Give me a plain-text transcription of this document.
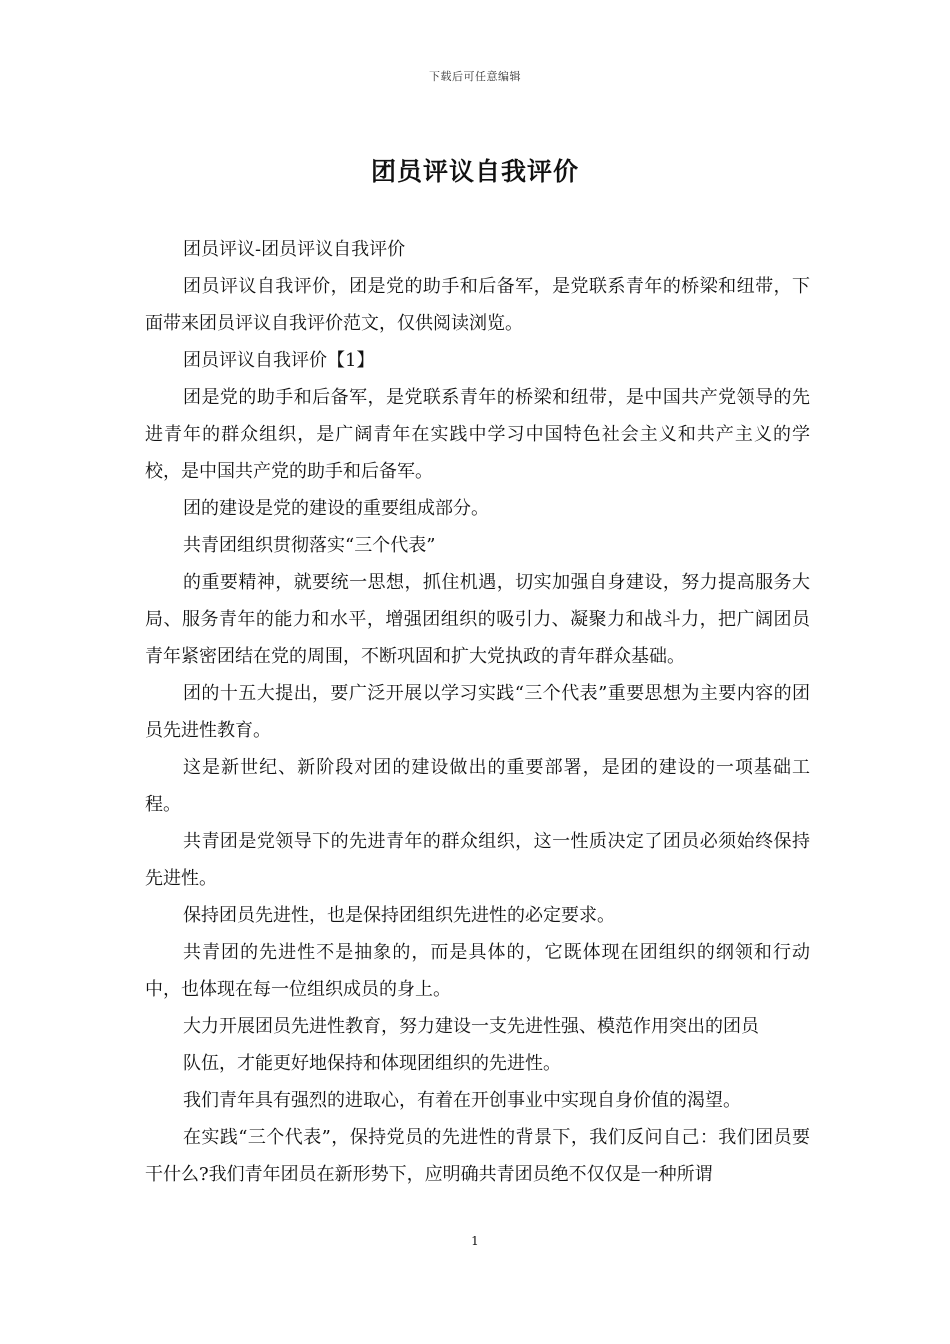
下载后可任意编辑
团员评议自我评价

团员评议-团员评议自我评价

团员评议自我评价，团是党的助手和后备军，是党联系青年的桥梁和纽带，下面带来团员评议自我评价范文，仅供阅读浏览。

团员评议自我评价【1】

团是党的助手和后备军，是党联系青年的桥梁和纽带，是中国共产党领导的先进青年的群众组织，是广阔青年在实践中学习中国特色社会主义和共产主义的学校，是中国共产党的助手和后备军。

团的建设是党的建设的重要组成部分。

共青团组织贯彻落实“三个代表”

的重要精神，就要统一思想，抓住机遇，切实加强自身建设，努力提高服务大局、服务青年的能力和水平，增强团组织的吸引力、凝聚力和战斗力，把广阔团员青年紧密团结在党的周围，不断巩固和扩大党执政的青年群众基础。

团的十五大提出，要广泛开展以学习实践“三个代表”重要思想为主要内容的团员先进性教育。

这是新世纪、新阶段对团的建设做出的重要部署，是团的建设的一项基础工程。

共青团是党领导下的先进青年的群众组织，这一性质决定了团员必须始终保持先进性。

保持团员先进性，也是保持团组织先进性的必定要求。

共青团的先进性不是抽象的，而是具体的，它既体现在团组织的纲领和行动中，也体现在每一位组织成员的身上。

大力开展团员先进性教育，努力建设一支先进性强、模范作用突出的团员

队伍，才能更好地保持和体现团组织的先进性。

我们青年具有强烈的进取心，有着在开创事业中实现自身价值的渴望。

在实践“三个代表”，保持党员的先进性的背景下，我们反问自己：我们团员要干什么?我们青年团员在新形势下，应明确共青团员绝不仅仅是一种所谓

1
